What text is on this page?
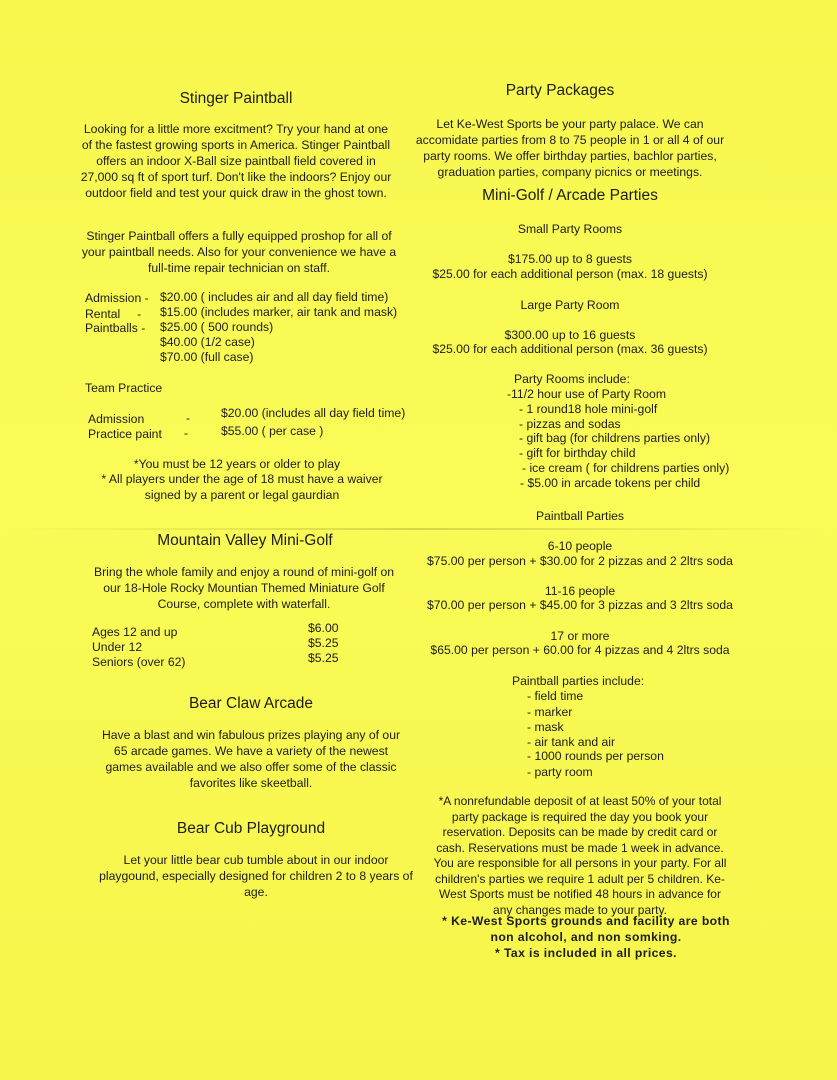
Stinger Paintball
Looking for a little more excitment? Try your hand at one of the fastest growing sports in America. Stinger Paintball offers an indoor X-Ball size paintball field covered in 27,000 sq ft of sport turf. Don't like the indoors? Enjoy our outdoor field and test your quick draw in the ghost town.
Stinger Paintball offers a fully equipped proshop for all of your paintball needs. Also for your convenience we have a full-time repair technician on staff.
Admission - $20.00 ( includes air and all day field time)
Rental     - $15.00 (includes marker, air tank and mask)
Paintballs - $25.00 ( 500 rounds)
$40.00 (1/2 case)
$70.00 (full case)
Team Practice
Admission	-	$20.00 (includes all day field time)
Practice paint -	$55.00 ( per case )
*You must be 12 years or older to play
* All players under the age of 18 must have a waiver signed by a parent or legal gaurdian
Mountain Valley Mini-Golf
Bring the whole family and enjoy a round of mini-golf on our 18-Hole Rocky Mountian Themed Miniature Golf Course, complete with waterfall.
Ages 12 and up	$6.00
Under 12	$5.25
Seniors (over 62)	$5.25
Bear Claw Arcade
Have a blast and win fabulous prizes playing any of our 65 arcade games. We have a variety of the newest games available and we also offer some of the classic favorites like skeetball.
Bear Cub Playground
Let your little bear cub tumble about in our indoor playgound, especially designed for children 2 to 8 years of age.
Party Packages
Let Ke-West Sports be your party palace. We can accomidate parties from 8 to 75 people in 1 or all 4 of our party rooms. We offer birthday parties, bachlor parties, graduation parties, company picnics or meetings.
Mini-Golf / Arcade Parties
Small Party Rooms
$175.00 up to 8 guests
$25.00 for each additional person (max. 18 guests)
Large Party Room
$300.00 up to 16 guests
$25.00 for each additional person (max. 36 guests)
Party Rooms include:
-11/2 hour use of Party Room
- 1 round18 hole mini-golf
- pizzas and sodas
- gift bag (for childrens parties only)
- gift for birthday child
- ice cream ( for childrens parties only)
- $5.00 in arcade tokens per child
Paintball Parties
6-10 people
$75.00 per person + $30.00 for 2 pizzas and 2 2ltrs soda
11-16 people
$70.00 per person + $45.00 for 3 pizzas and 3 2ltrs soda
17 or more
$65.00 per person + 60.00 for 4 pizzas and 4 2ltrs soda
Paintball parties include:
- field time
- marker
- mask
- air tank and air
- 1000 rounds per person
- party room
*A nonrefundable deposit of at least 50% of your total party package is required the day you book your reservation. Deposits can be made by credit card or cash. Reservations must be made 1 week in advance. You are responsible for all persons in your party. For all children's parties we require 1 adult per 5 children. Ke-West Sports must be notified 48 hours in advance for any changes made to your party.
* Ke-West Sports grounds and facility are both non alcohol, and non somking.
* Tax is included in all prices.
